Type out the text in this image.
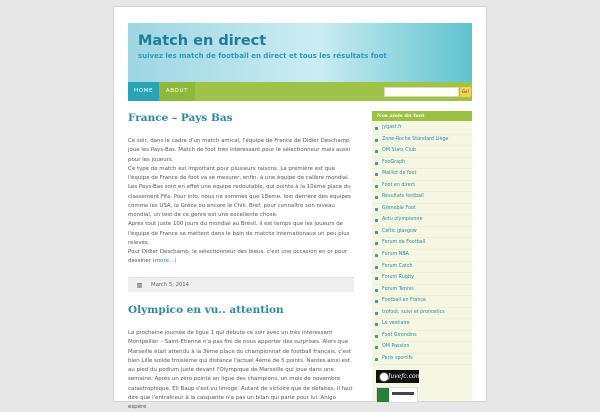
Match en direct
suivez les match de football en direct et tous les résultats foot
HOME	ABOUT	Go!
France – Pays Bas

Ce soir, dans le cadre d'un match amical, l'équipe de France de Didier Deschamp joue les Pays-Bas. Match de foot très intéressant pour le sélectionneur mais aussi pour les joueurs.

Ce type de match est important pour plusieurs raisons. La première est que l'équipe de France de foot va se mesurer, enfin, à une équipe de calibre mondial. Les Pays-Bas sont en effet une équipe redoutable, qui pointe à la 10ème place du classement Fifa. Pour info, nous ne sommes que 18ème, loin derrière des équipes comme les USA, la Grèce ou encore le Chili. Bref, pour connaître son niveau mondial, un test de ce genre est une excellente chose.

Après tout juste 100 jours du mondial au Brésil, il est temps que les joueurs de l'équipe de France se mettent dans le bain de matchs internationaux un peu plus relevés.

Pour Didier Deschamp, le sélectionneur des bleus, c'est une occasion en or pour dessiner (more…)

March 5, 2014
Olympico en vu.. attention

La prochaine journée de ligue 1 qui débute ce soir avec un très intéressant Montpellier – Saint-Etienne n'a pas fini de nous apporter des surprises. Alors que Marseille était attendu à la 3ème place du championnat de football français, c'est bien Lille solide troisième qui distance l'actuel 4ème de 5 points. Nantes ainsi est au pied du podium juste devant l'Olympique de Marseille qui joue dans une semaine. Après un zéro pointé en ligue des champions, un mois de novembre catastrophique, Eli Baup s'est vu limogé. Autant de victoire que de défaites, il faut dire que l'entraîneur à la casquette n'a pas un bilan qui parle pour lui. Anigo espère

Nos amis du foot
jygast.fr
Zone-Roche Standard Liège
OM Stats Club
FooGraph
Maillot de foot
Foot en direct
Résultats football
Grenoble Foot
Actu olympienne
Celtic glasgow
Forum de Football
Forum NBA
Forum Catch
Forum Rugby
Forum Tennis
Football en France
trofoot, suivi et pronostics
Le vestiaire
Foot Girondins
OM Passion
Paris sportifs
Juvefc.com
